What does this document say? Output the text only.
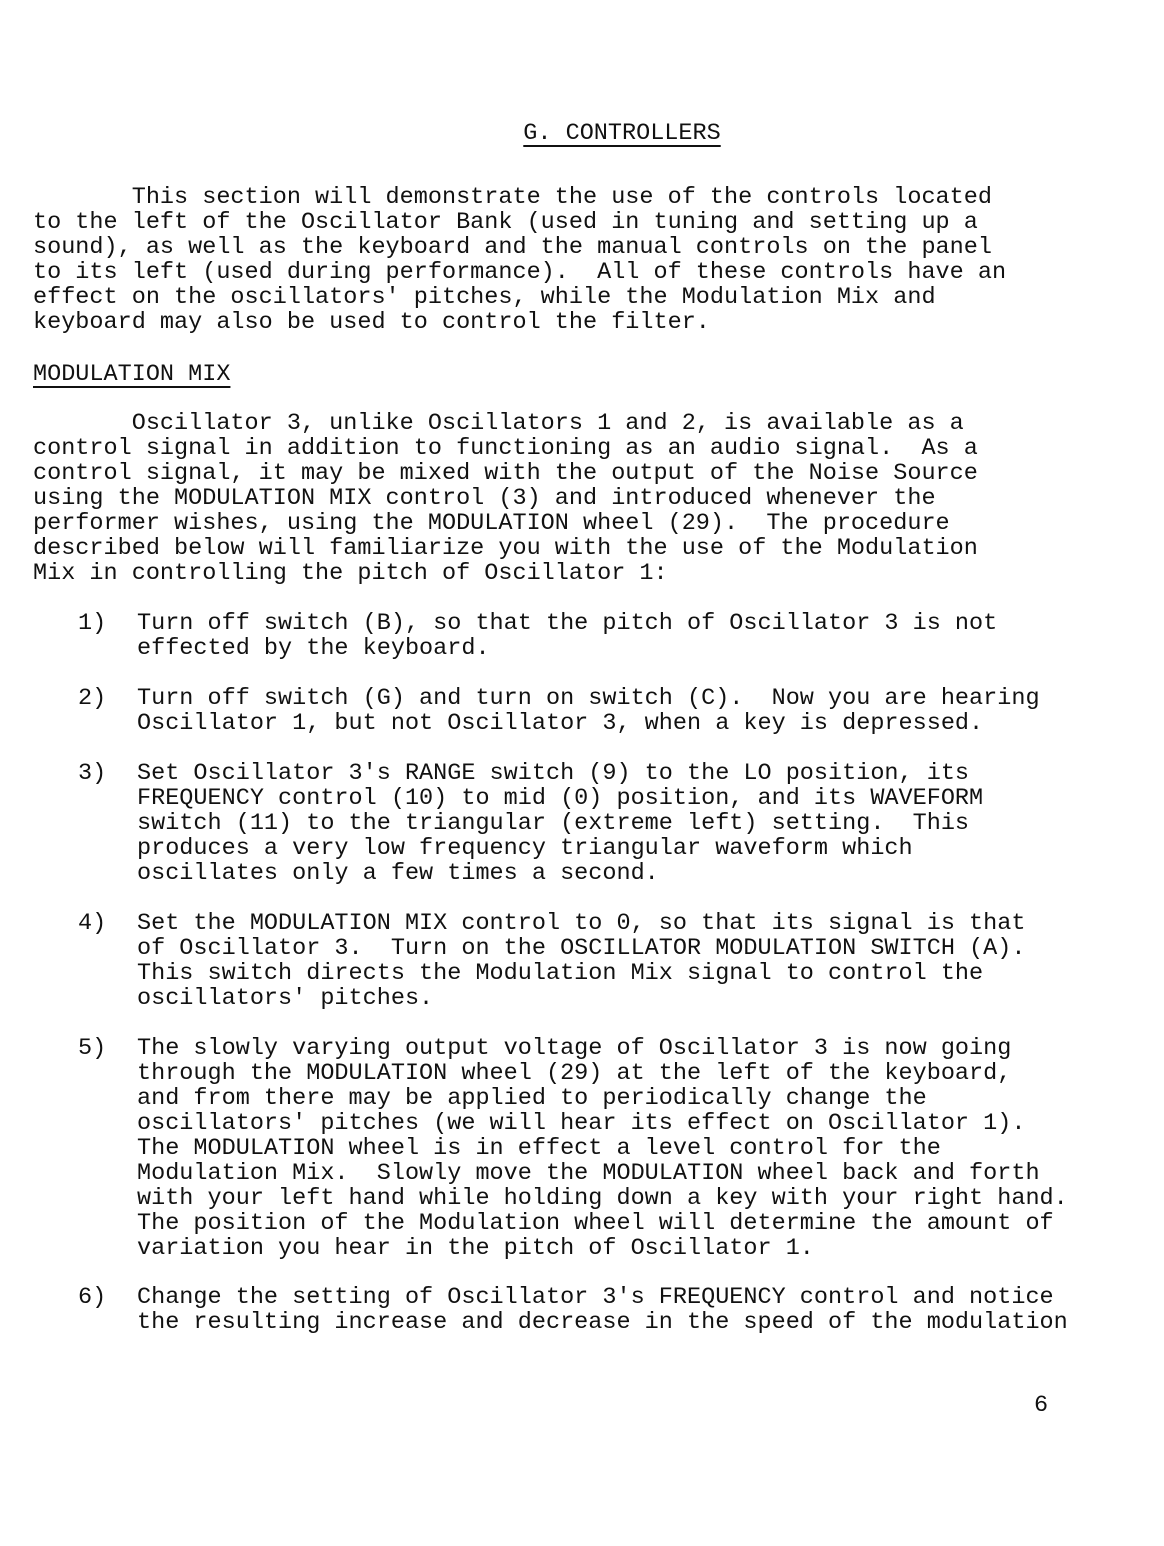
G. CONTROLLERS

This section will demonstrate the use of the controls located
to the left of the Oscillator Bank (used in tuning and setting up a
sound), as well as the keyboard and the manual controls on the panel
to its left (used during performance).  All of these controls have an
effect on the oscillators' pitches, while the Modulation Mix and
keyboard may also be used to control the filter.

MODULATION MIX

Oscillator 3, unlike Oscillators 1 and 2, is available as a
control signal in addition to functioning as an audio signal.  As a
control signal, it may be mixed with the output of the Noise Source
using the MODULATION MIX control (3) and introduced whenever the
performer wishes, using the MODULATION wheel (29).  The procedure
described below will familiarize you with the use of the Modulation
Mix in controlling the pitch of Oscillator 1:

1) Turn off switch (B), so that the pitch of Oscillator 3 is not
effected by the keyboard.
2) Turn off switch (G) and turn on switch (C).  Now you are hearing
Oscillator 1, but not Oscillator 3, when a key is depressed.
3) Set Oscillator 3's RANGE switch (9) to the LO position, its
FREQUENCY control (10) to mid (0) position, and its WAVEFORM
switch (11) to the triangular (extreme left) setting.  This
produces a very low frequency triangular waveform which
oscillates only a few times a second.
4) Set the MODULATION MIX control to 0, so that its signal is that
of Oscillator 3.  Turn on the OSCILLATOR MODULATION SWITCH (A).
This switch directs the Modulation Mix signal to control the
oscillators' pitches.
5) The slowly varying output voltage of Oscillator 3 is now going
through the MODULATION wheel (29) at the left of the keyboard,
and from there may be applied to periodically change the
oscillators' pitches (we will hear its effect on Oscillator 1).
The MODULATION wheel is in effect a level control for the
Modulation Mix.  Slowly move the MODULATION wheel back and forth
with your left hand while holding down a key with your right hand.
The position of the Modulation wheel will determine the amount of
variation you hear in the pitch of Oscillator 1.
6) Change the setting of Oscillator 3's FREQUENCY control and notice
the resulting increase and decrease in the speed of the modulation
6
